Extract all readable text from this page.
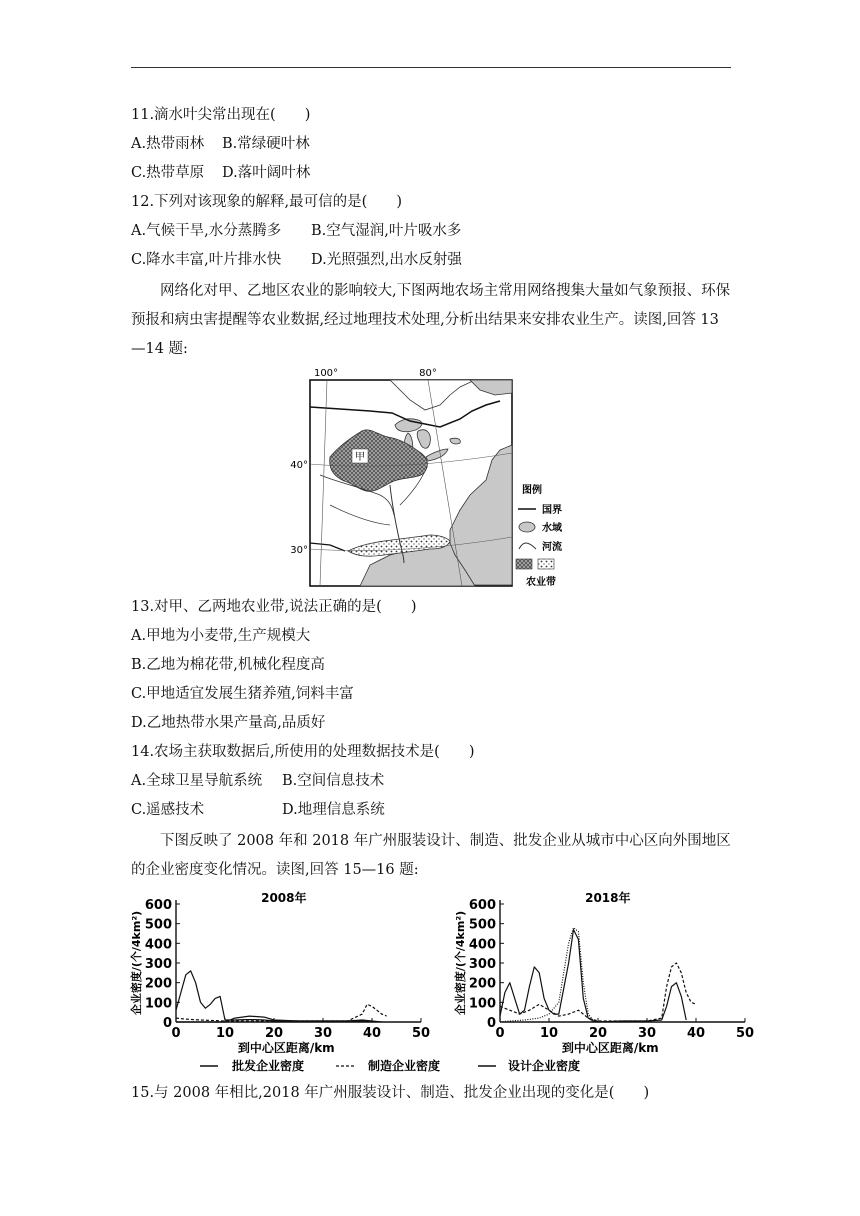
11.滴水叶尖常出现在(　　)
A.热带雨林 B.常绿硬叶林
C.热带草原 D.落叶阔叶林
12.下列对该现象的解释,最可信的是(　　)
A.气候干旱,水分蒸腾多 B.空气湿润,叶片吸水多
C.降水丰富,叶片排水快 D.光照强烈,出水反射强
网络化对甲、乙地区农业的影响较大,下图两地农场主常用网络搜集大量如气象预报、环保预报和病虫害提醒等农业数据,经过地理技术处理,分析出结果来安排农业生产。读图,回答 13—14 题:
甲
100°	80°
40°
30°
图例
国界
水域
河流
农业带
13.对甲、乙两地农业带,说法正确的是(　　)
A.甲地为小麦带,生产规模大
B.乙地为棉花带,机械化程度高
C.甲地适宜发展生猪养殖,饲料丰富
D.乙地热带水果产量高,品质好
14.农场主获取数据后,所使用的处理数据技术是(　　)
A.全球卫星导航系统 B.空间信息技术
C.遥感技术	D.地理信息系统
下图反映了 2008 年和 2018 年广州服装设计、制造、批发企业从城市中心区向外围地区的企业密度变化情况。读图,回答 15—16 题:
0
100
200
300
400
500
600
0	10 20 30 40 50
2008年
到中心区距离/km
企业密度/(个/4km²)
0
100
200
300
400
500
600
0	10 20 30 40 50
2018年
到中心区距离/km
企业密度/(个/4km²)
批发企业密度	制造企业密度	设计企业密度
15.与 2008 年相比,2018 年广州服装设计、制造、批发企业出现的变化是(　　)
